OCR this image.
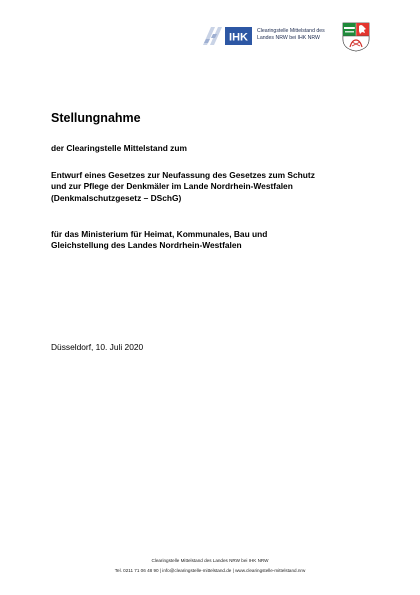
IHK
Clearingstelle Mittelstand des
Landes NRW bei IHK NRW
Stellungnahme
der Clearingstelle Mittelstand zum
Entwurf eines Gesetzes zur Neufassung des Gesetzes zum Schutz
und zur Pflege der Denkmäler im Lande Nordrhein-Westfalen
(Denkmalschutzgesetz – DSchG)
für das Ministerium für Heimat, Kommunales, Bau und
Gleichstellung des Landes Nordrhein-Westfalen
Düsseldorf, 10. Juli 2020
Clearingstelle Mittelstand des Landes NRW bei IHK NRW
Tel. 0211 71 06 48 90 | info@clearingstelle-mittelstand.de | www.clearingstelle-mittelstand.nrw
